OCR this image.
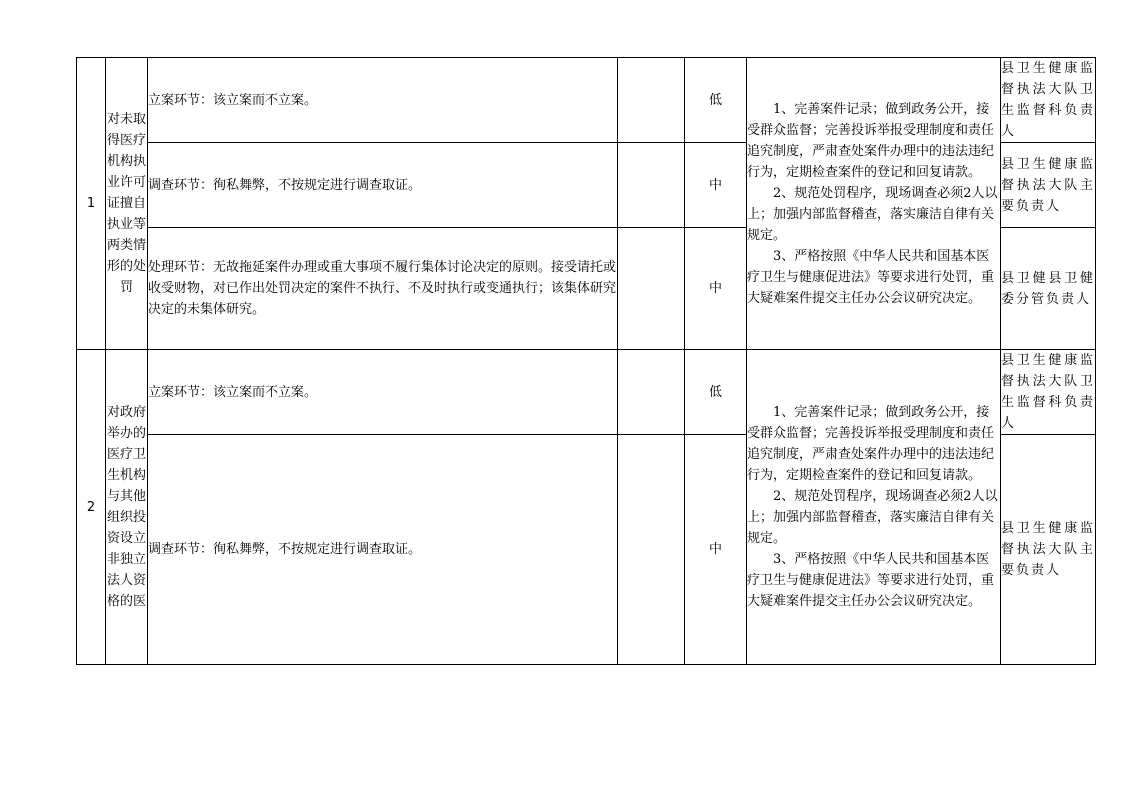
1	对未取得医疗机构执业许可证擅自执业等两类情形的处罚	立案环节：该立案而不立案。		低	1、完善案件记录；做到政务公开，接受群众监督；完善投诉举报受理制度和责任追究制度，严肃查处案件办理中的违法违纪行为，定期检查案件的登记和回复请款。
2、规范处罚程序，现场调查必须2人以上；加强内部监督稽查，落实廉洁自律有关规定。
3、严格按照《中华人民共和国基本医疗卫生与健康促进法》等要求进行处罚，重大疑难案件提交主任办公会议研究决定。	县卫生健康监督执法大队卫生监督科负责人
		调查环节：徇私舞弊，不按规定进行调查取证。		中		县卫生健康监督执法大队主要负责人
		处理环节：无故拖延案件办理或重大事项不履行集体讨论决定的原则。接受请托或收受财物，对已作出处罚决定的案件不执行、不及时执行或变通执行；该集体研究决定的未集体研究。		中		县卫健县卫健委分管负责人
2	对政府举办的医疗卫生机构与其他组织投资设立非独立法人资格的医	立案环节：该立案而不立案。		低	1、完善案件记录；做到政务公开，接受群众监督；完善投诉举报受理制度和责任追究制度，严肃查处案件办理中的违法违纪行为，定期检查案件的登记和回复请款。
2、规范处罚程序，现场调查必须2人以上；加强内部监督稽查，落实廉洁自律有关规定。
3、严格按照《中华人民共和国基本医疗卫生与健康促进法》等要求进行处罚，重大疑难案件提交主任办公会议研究决定。	县卫生健康监督执法大队卫生监督科负责人
		调查环节：徇私舞弊，不按规定进行调查取证。		中		县卫生健康监督执法大队主要负责人
